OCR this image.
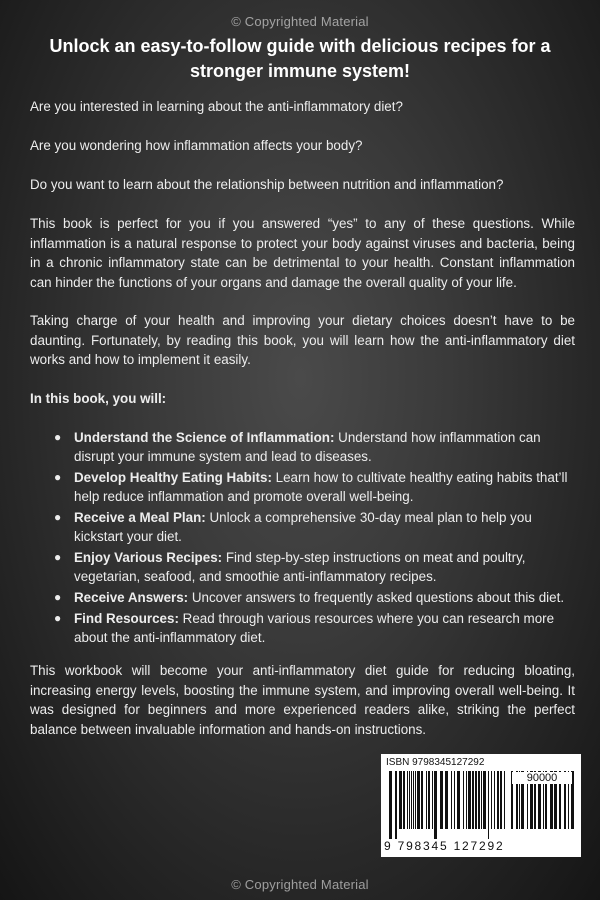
© Copyrighted Material
Unlock an easy-to-follow guide with delicious recipes for a stronger immune system!
Are you interested in learning about the anti-inflammatory diet?
Are you wondering how inflammation affects your body?
Do you want to learn about the relationship between nutrition and inflammation?
This book is perfect for you if you answered “yes” to any of these questions. While inflammation is a natural response to protect your body against viruses and bacteria, being in a chronic inflammatory state can be detrimental to your health. Constant inflammation can hinder the functions of your organs and damage the overall quality of your life.
Taking charge of your health and improving your dietary choices doesn’t have to be daunting. Fortunately, by reading this book, you will learn how the anti-inflammatory diet works and how to implement it easily.
In this book, you will:
● Understand the Science of Inflammation: Understand how inflammation can disrupt your immune system and lead to diseases.
● Develop Healthy Eating Habits: Learn how to cultivate healthy eating habits that’ll help reduce inflammation and promote overall well-being.
● Receive a Meal Plan: Unlock a comprehensive 30-day meal plan to help you kickstart your diet.
● Enjoy Various Recipes: Find step-by-step instructions on meat and poultry, vegetarian, seafood, and smoothie anti-inflammatory recipes.
● Receive Answers: Uncover answers to frequently asked questions about this diet.
● Find Resources: Read through various resources where you can research more about the anti-inflammatory diet.
This workbook will become your anti-inflammatory diet guide for reducing bloating, increasing energy levels, boosting the immune system, and improving overall well-being. It was designed for beginners and more experienced readers alike, striking the perfect balance between invaluable information and hands-on instructions.
ISBN 9798345127292
90000
9 798345 127292
© Copyrighted Material
